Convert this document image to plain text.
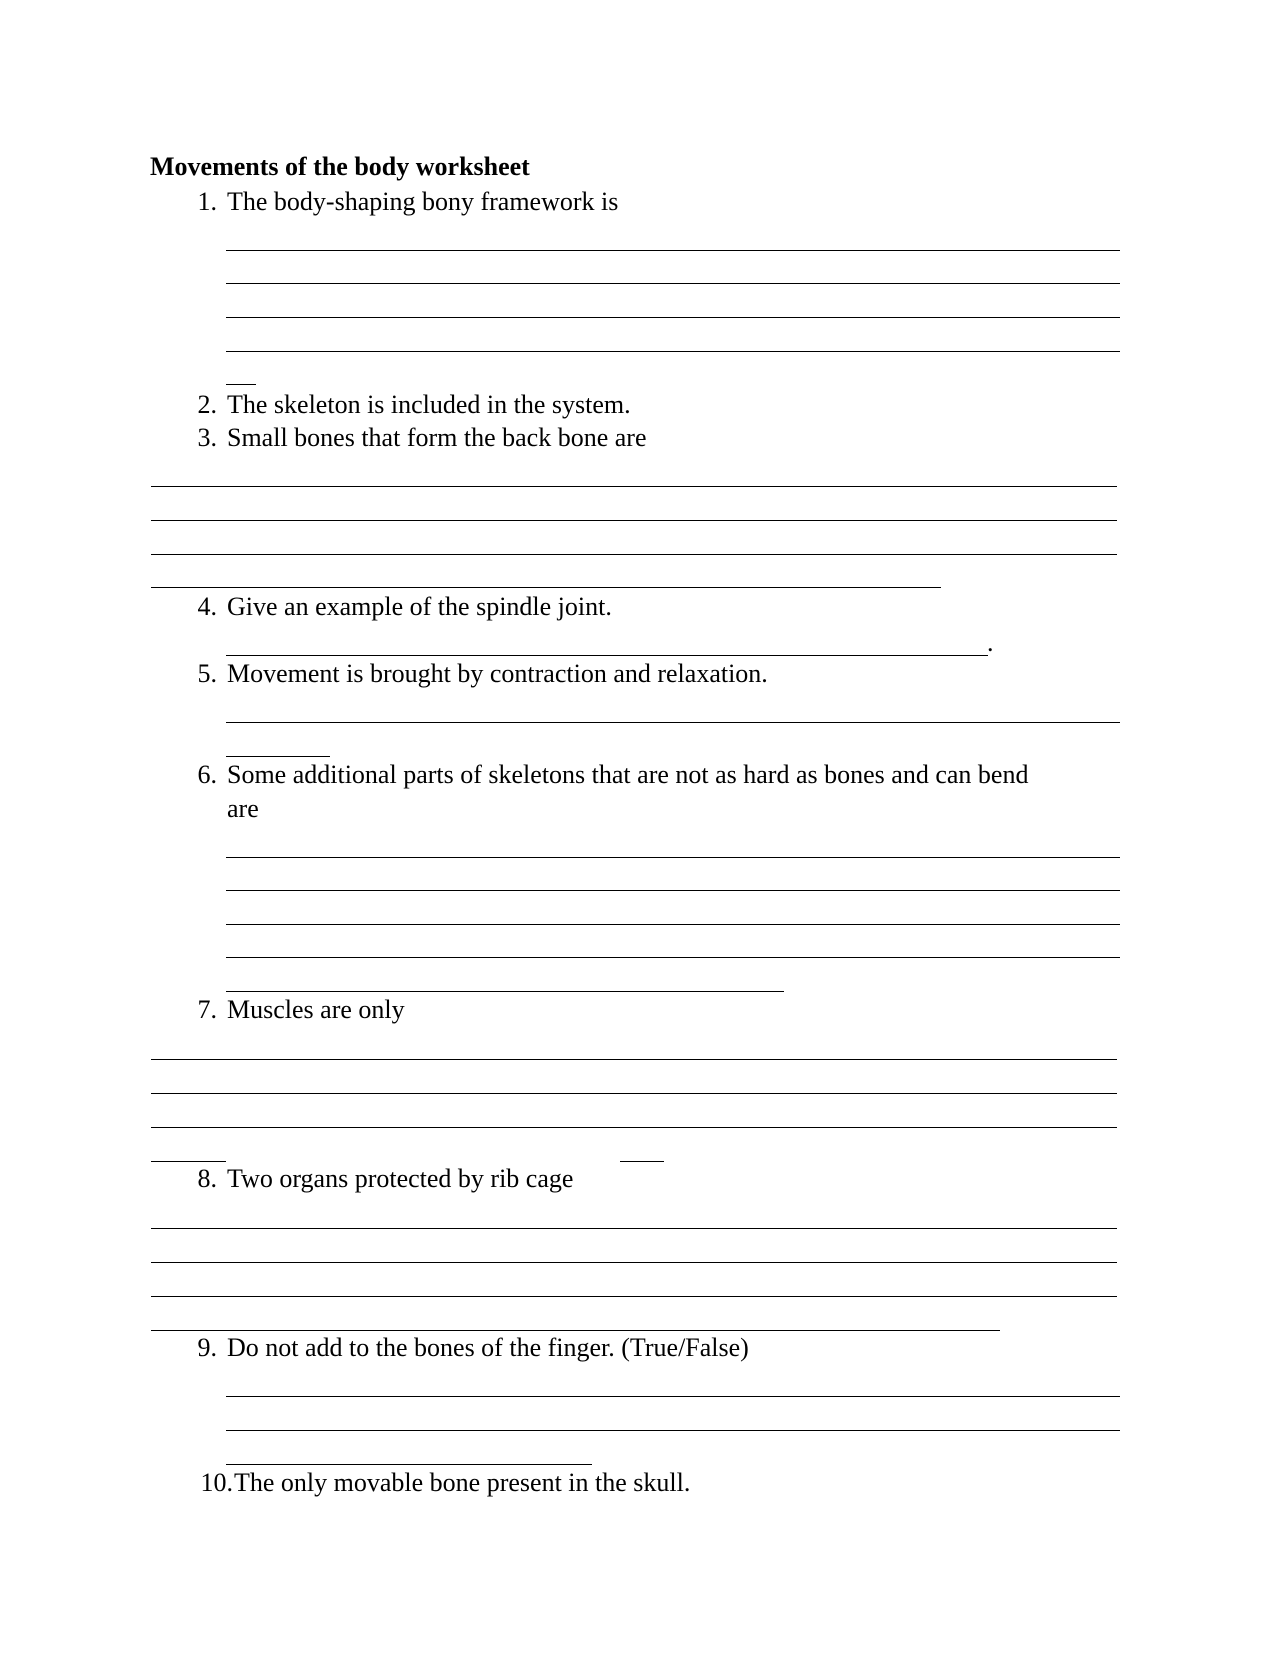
Movements of the body worksheet
1. The body-shaping bony framework is
2. The skeleton is included in the system.
3. Small bones that form the back bone are
4. Give an example of the spindle joint.
.
5. Movement is brought by contraction and relaxation.
6. Some additional parts of skeletons that are not as hard as bones and can bend
are
7. Muscles are only
8. Two organs protected by rib cage
9. Do not add to the bones of the finger. (True/False)
10. The only movable bone present in the skull.
